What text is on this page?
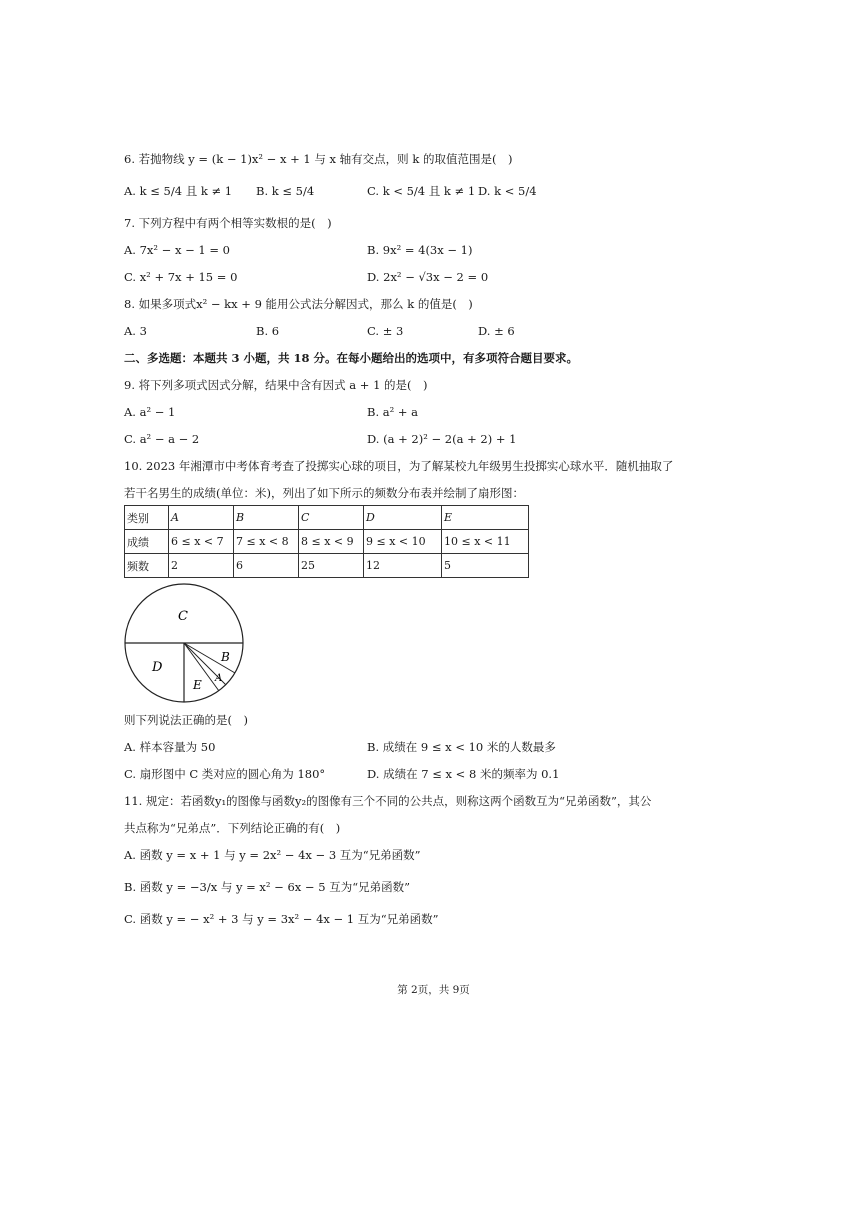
6. 若抛物线 y = (k − 1)x² − x + 1 与 x 轴有交点，则 k 的取值范围是(　)
A. k ≤ 5/4 且 k ≠ 1 B. k ≤ 5/4	C. k < 5/4 且 k ≠ 1 D. k < 5/4
7. 下列方程中有两个相等实数根的是(　)
A. 7x² − x − 1 = 0	B. 9x² = 4(3x − 1)
C. x² + 7x + 15 = 0	D. 2x² − √3x − 2 = 0
8. 如果多项式x² − kx + 9 能用公式法分解因式，那么 k 的值是(　)
A. 3	B. 6	C. ± 3	D. ± 6
二、多选题：本题共 3 小题，共 18 分。在每小题给出的选项中，有多项符合题目要求。
9. 将下列多项式因式分解，结果中含有因式 a + 1 的是(　)
A. a² − 1	B. a² + a
C. a² − a − 2	D. (a + 2)² − 2(a + 2) + 1
10. 2023 年湘潭市中考体育考查了投掷实心球的项目，为了解某校九年级男生投掷实心球水平．随机抽取了
若干名男生的成绩(单位：米)，列出了如下所示的频数分布表并绘制了扇形图：
类别	A	B	C	D	E
成绩	6 ≤ x < 7	7 ≤ x < 8	8 ≤ x < 9	9 ≤ x < 10	10 ≤ x < 11
频数	2	6	25	12	5
C
D
E A
B
则下列说法正确的是(　)
A. 样本容量为 50	B. 成绩在 9 ≤ x < 10 米的人数最多
C. 扇形图中 C 类对应的圆心角为 180°	D. 成绩在 7 ≤ x < 8 米的频率为 0.1
11. 规定：若函数y₁的图像与函数y₂的图像有三个不同的公共点，则称这两个函数互为“兄弟函数”，其公
共点称为“兄弟点”．下列结论正确的有(　)
A. 函数 y = x + 1 与 y = 2x² − 4x − 3 互为“兄弟函数”
B. 函数 y = −3/x 与 y = x² − 6x − 5 互为“兄弟函数”
C. 函数 y = − x² + 3 与 y = 3x² − 4x − 1 互为“兄弟函数”
第 2页，共 9页
